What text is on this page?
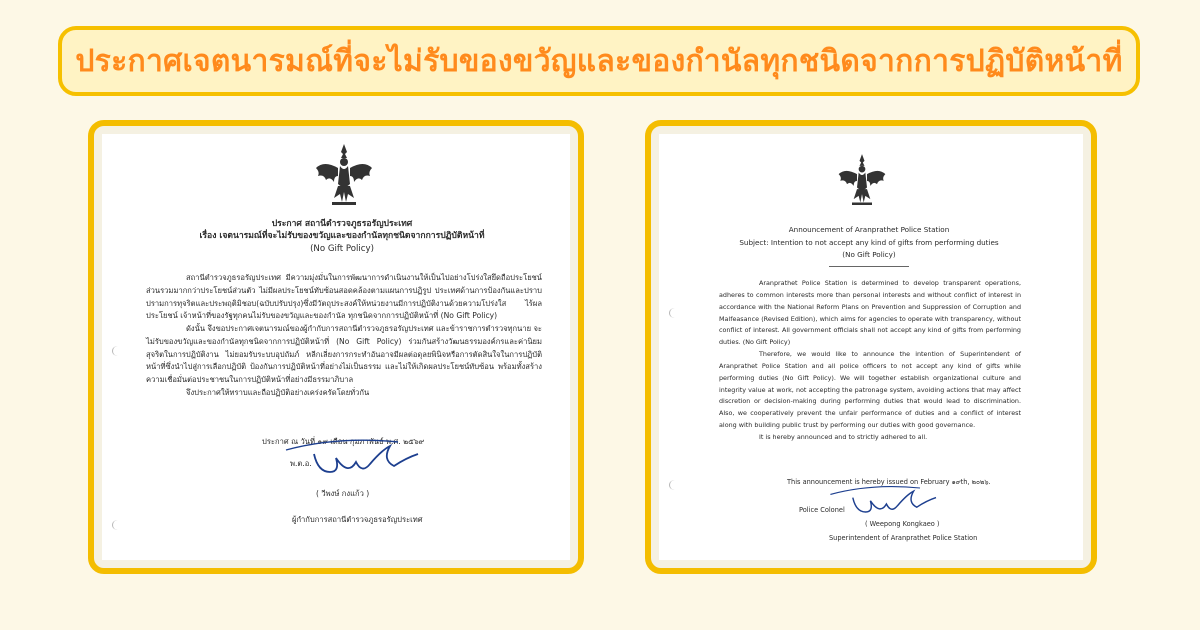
ประกาศเจตนารมณ์ที่จะไม่รับของขวัญและของกำนัลทุกชนิดจากการปฏิบัติหน้าที่
ประกาศ สถานีตำรวจภูธรอรัญประเทศ
เรื่อง เจตนารมณ์ที่จะไม่รับของขวัญและของกำนัลทุกชนิดจากการปฏิบัติหน้าที่
(No Gift Policy)

สถานีตำรวจภูธรอรัญประเทศ มีความมุ่งมั่นในการพัฒนาการดำเนินงานให้เป็นไปอย่างโปร่งใสยึดถือประโยชน์ส่วนรวมมากกว่าประโยชน์ส่วนตัว ไม่มีผลประโยชน์ทับซ้อนสอดคล้องตามแผนการปฏิรูป ประเทศด้านการป้องกันและปราบปรามการทุจริตและประพฤติมิชอบ(ฉบับปรับปรุง)ซึ่งมีวัตถุประสงค์ให้หน่วยงานมีการปฏิบัติงานด้วยความโปร่งใส ไร้ผลประโยชน์ เจ้าหน้าที่ของรัฐทุกคนไม่รับของขวัญและของกำนัล ทุกชนิดจากการปฏิบัติหน้าที่ (No Gift Policy)

ดังนั้น จึงขอประกาศเจตนารมณ์ของผู้กำกับการสถานีตำรวจภูธรอรัญประเทศ และข้าราชการตำรวจทุกนาย จะไม่รับของขวัญและของกำนัลทุกชนิดจากการปฏิบัติหน้าที่ (No Gift Policy) ร่วมกันสร้างวัฒนธรรมองค์กรและค่านิยมสุจริตในการปฏิบัติงาน ไม่ยอมรับระบบอุปถัมภ์ หลีกเลี่ยงการกระทำอันอาจมีผลต่อดุลยพินิจหรือการตัดสินใจในการปฏิบัติหน้าที่ซึ่งนำไปสู่การเลือกปฏิบัติ ป้องกันการปฏิบัติหน้าที่อย่างไม่เป็นธรรม และไม่ให้เกิดผลประโยชน์ทับซ้อน พร้อมทั้งสร้างความเชื่อมั่นต่อประชาชนในการปฏิบัติหน้าที่อย่างมีธรรมาภิบาล

จึงประกาศให้ทราบและถือปฏิบัติอย่างเคร่งครัดโดยทั่วกัน

ประกาศ ณ วันที่ ๑๙ เดือน กุมภาพันธ์ พ.ศ. ๒๕๖๙
พ.ต.อ.
( วีพงษ์ กงแก้ว )
ผู้กำกับการสถานีตำรวจภูธรอรัญประเทศ
Announcement of Aranprathet Police Station
Subject: Intention to not accept any kind of gifts from performing duties
(No Gift Policy)

Aranprathet Police Station is determined to develop transparent operations, adheres to common interests more than personal interests and without conflict of interest in accordance with the National Reform Plans on Prevention and Suppression of Corruption and Malfeasance (Revised Edition), which aims for agencies to operate with transparency, without conflict of interest. All government officials shall not accept any kind of gifts from performing duties. (No Gift Policy)

Therefore, we would like to announce the intention of Superintendent of Aranprathet Police Station and all police officers to not accept any kind of gifts while performing duties (No Gift Policy). We will together establish organizational culture and integrity value at work, not accepting the patronage system, avoiding actions that may affect discretion or decision-making during performing duties that would lead to discrimination. Also, we cooperatively prevent the unfair performance of duties and a conflict of interest along with building public trust by performing our duties with good governance.

It is hereby announced and to strictly adhered to all.

This announcement is hereby issued on February ๑๙th, ๒๐๒๖.
Police Colonel
( Weepong Kongkaeo )
Superintendent of Aranprathet Police Station
